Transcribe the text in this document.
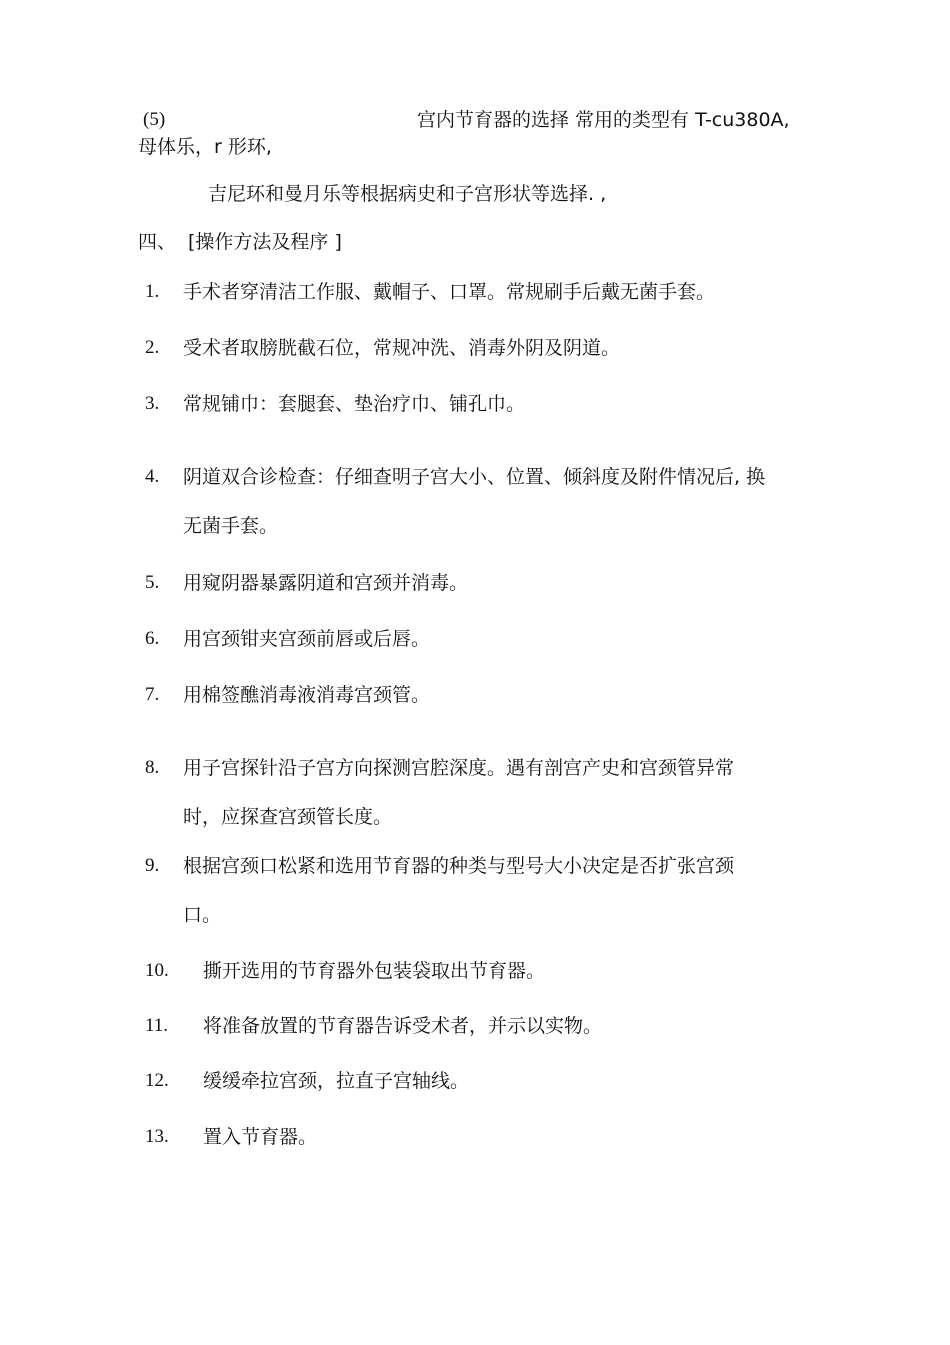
(5)	宫内节育器的选择 常用的类型有 T-cu380A,
母体乐，r 形环,
吉尼环和曼月乐等根据病史和子宫形状等选择. ,
四、 [操作方法及程序 ]
1. 手术者穿清洁工作服、戴帽子、口罩。常规刷手后戴无菌手套。
2. 受术者取膀胱截石位，常规冲洗、消毒外阴及阴道。
3. 常规铺巾：套腿套、垫治疗巾、铺孔巾。
4. 阴道双合诊检查：仔细查明子宫大小、位置、倾斜度及附件情况后, 换
无菌手套。
5. 用窥阴器暴露阴道和宫颈并消毒。
6. 用宫颈钳夹宫颈前唇或后唇。
7. 用棉签醮消毒液消毒宫颈管。
8. 用子宫探针沿子宫方向探测宫腔深度。遇有剖宫产史和宫颈管异常
时，应探查宫颈管长度。
9. 根据宫颈口松紧和选用节育器的种类与型号大小决定是否扩张宫颈
口。
10. 撕开选用的节育器外包装袋取出节育器。
11. 将准备放置的节育器告诉受术者，并示以实物。
12. 缓缓牵拉宫颈，拉直子宫轴线。
13. 置入节育器。
